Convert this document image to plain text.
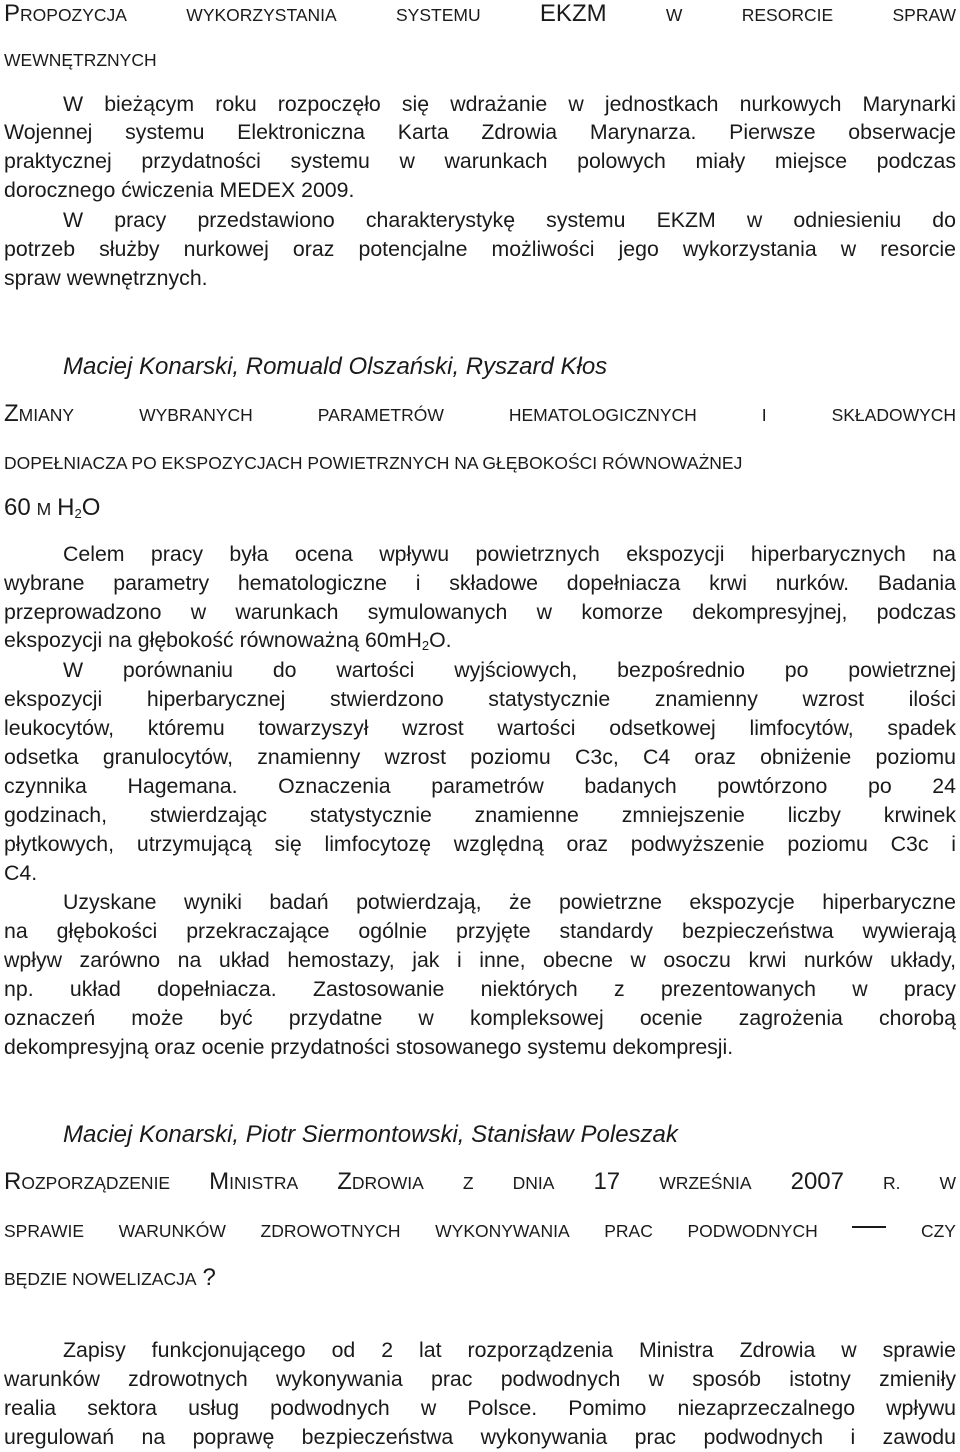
PROPOZYCJA	WYKORZYSTANIA	SYSTEMU EKZM	W	RESORCIE	SPRAW
WEWNĘTRZNYCH
W bieżącym roku rozpoczęło się wdrażanie w jednostkach nurkowych Marynarki
Wojennej systemu Elektroniczna Karta Zdrowia Marynarza. Pierwsze obserwacje
praktycznej przydatności systemu w warunkach polowych miały miejsce podczas
dorocznego ćwiczenia MEDEX 2009.
W pracy przedstawiono charakterystykę systemu EKZM w odniesieniu do
potrzeb służby nurkowej oraz potencjalne możliwości jego wykorzystania w resorcie
spraw wewnętrznych.
Maciej Konarski, Romuald Olszański, Ryszard Kłos
ZMIANY	WYBRANYCH	PARAMETRÓW	HEMATOLOGICZNYCH	I	SKŁADOWYCH
DOPEŁNIACZA PO EKSPOZYCJACH POWIETRZNYCH NA GŁĘBOKOŚCI RÓWNOWAŻNEJ
60 M $H_2O$
Celem pracy była ocena wpływu powietrznych ekspozycji hiperbarycznych na
wybrane parametry hematologiczne i składowe dopełniacza krwi nurków. Badania
przeprowadzono w warunkach symulowanych w komorze dekompresyjnej, podczas
ekspozycji na głębokość równoważną $60mH_2O$.
W porównaniu do wartości wyjściowych, bezpośrednio po powietrznej
ekspozycji hiperbarycznej stwierdzono statystycznie znamienny wzrost ilości
leukocytów, któremu towarzyszył wzrost wartości odsetkowej limfocytów, spadek
odsetka granulocytów, znamienny wzrost poziomu C3c, C4 oraz obniżenie poziomu
czynnika Hagemana. Oznaczenia parametrów badanych powtórzono po 24
godzinach, stwierdzając statystycznie znamienne zmniejszenie liczby krwinek
płytkowych, utrzymującą się limfocytozę względną oraz podwyższenie poziomu C3c i
C4.
Uzyskane wyniki badań potwierdzają, że powietrzne ekspozycje hiperbaryczne
na głębokości przekraczające ogólnie przyjęte standardy bezpieczeństwa wywierają
wpływ zarówno na układ hemostazy, jak i inne, obecne w osoczu krwi nurków układy,
np. układ dopełniacza. Zastosowanie niektórych z prezentowanych w pracy
oznaczeń może być przydatne w kompleksowej ocenie zagrożenia chorobą
dekompresyjną oraz ocenie przydatności stosowanego systemu dekompresji.
Maciej Konarski, Piotr Siermontowski, Stanisław Poleszak
ROZPORZĄDZENIE MINISTRA ZDROWIA Z DNIA 17 WRZEŚNIA 2007 R. W
SPRAWIE WARUNKÓW ZDROWOTNYCH WYKONYWANIA PRAC PODWODNYCH	CZY
BĘDZIE NOWELIZACJA ?
Zapisy funkcjonującego od 2 lat rozporządzenia Ministra Zdrowia w sprawie
warunków zdrowotnych wykonywania prac podwodnych w sposób istotny zmieniły
realia sektora usług podwodnych w Polsce. Pomimo niezaprzeczalnego wpływu
uregulowań na poprawę bezpieczeństwa wykonywania prac podwodnych i zawodu
